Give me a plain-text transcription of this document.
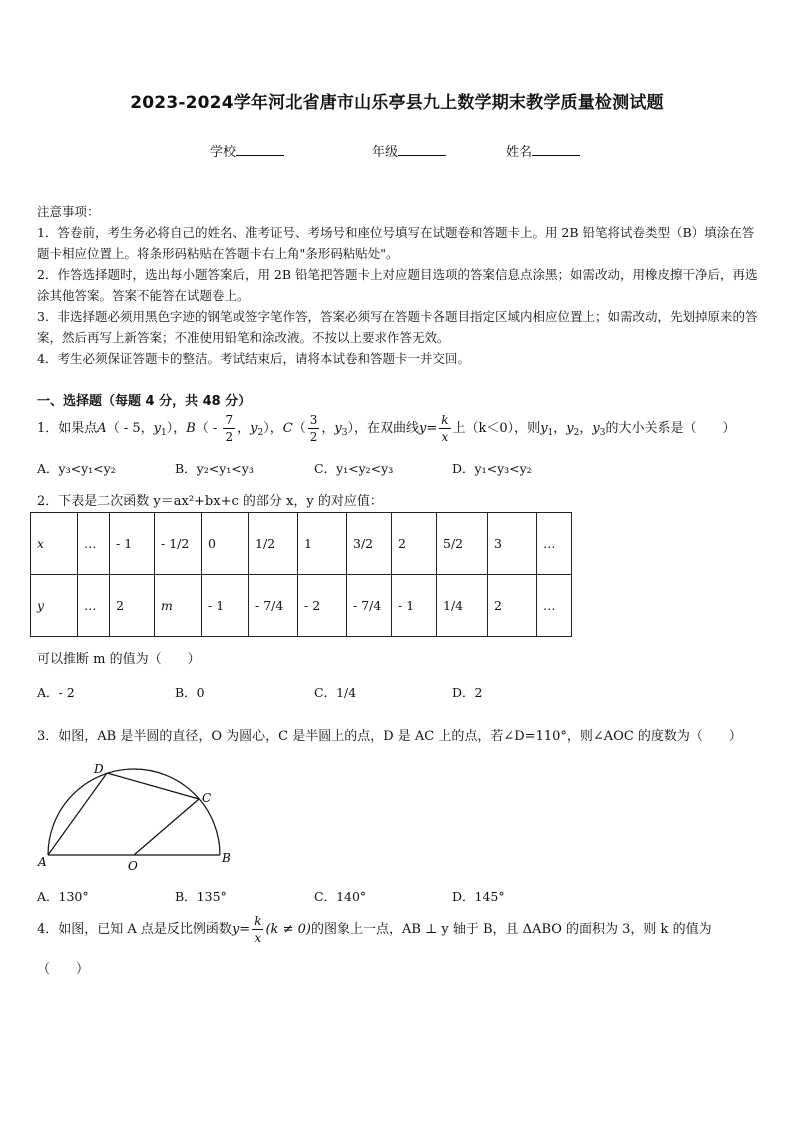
2023-2024学年河北省唐市山乐亭县九上数学期末教学质量检测试题
学校	年级	姓名

注意事项：

1．答卷前，考生务必将自己的姓名、准考证号、考场号和座位号填写在试题卷和答题卡上。用 2B 铅笔将试卷类型（B）填涂在答题卡相应位置上。将条形码粘贴在答题卡右上角"条形码粘贴处"。

2．作答选择题时，选出每小题答案后，用 2B 铅笔把答题卡上对应题目选项的答案信息点涂黑；如需改动，用橡皮擦干净后，再选涂其他答案。答案不能答在试题卷上。

3．非选择题必须用黑色字迹的钢笔或签字笔作答，答案必须写在答题卡各题目指定区域内相应位置上；如需改动，先划掉原来的答案，然后再写上新答案；不准使用铅笔和涂改液。不按以上要求作答无效。

4．考生必须保证答题卡的整洁。考试结束后，请将本试卷和答题卡一并交回。

一、选择题（每题 4 分，共 48 分）
1．如果点A（ - 5，$y_1$），$B( - \frac{7}{2}$ ，$y_2$），$C( \frac{3}{2}$ ，$y_3$），在双曲线$y= \frac{k}{x}$ 上（k＜0），则$y_1$，$y_2$，$y_3$的大小关系是（　　）
A．y₃<y₁<y₂	B．y₂<y₁<y₃	C．y₁<y₂<y₃	D．y₁<y₃<y₂
2．下表是二次函数 y＝ax²+bx+c 的部分 x，y 的对应值：
x	…	- 1	- 1/2	0	1/2	1	3/2	2	5/2	3	…
y	…	2	m	- 1	- 7/4	- 2	- 7/4	- 1	1/4	2	…
可以推断 m 的值为（　　）
A．- 2	B．0	C．1/4	D．2
3．如图，AB 是半圆的直径，O 为圆心，C 是半圆上的点，D 是 AC 上的点，若∠D=110°，则∠AOC 的度数为（　　）
A	B
C
D
O
A．130°	B．135°	C．140°	D．145°
4．如图，已知 A 点是反比例函数$y= \frac{k}{x} (k \ne 0)$的图象上一点，AB ⊥ y 轴于 B，且 ΔABO 的面积为 3，则 k 的值为
（　　）
